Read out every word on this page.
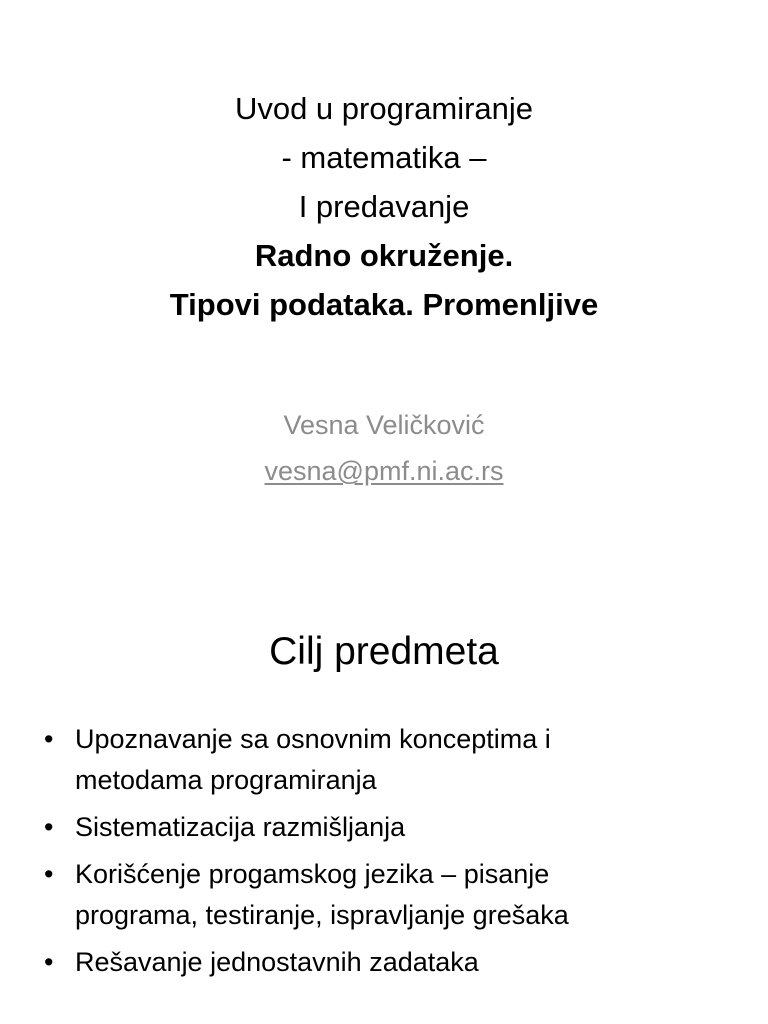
Uvod u programiranje
- matematika –
I predavanje
Radno okruženje.
Tipovi podataka. Promenljive
Vesna Veličković
vesna@pmf.ni.ac.rs
Cilj predmeta
• Upoznavanje sa osnovnim konceptima i
metodama programiranja
• Sistematizacija razmišljanja
• Korišćenje progamskog jezika – pisanje
programa, testiranje, ispravljanje grešaka
• Rešavanje jednostavnih zadataka
